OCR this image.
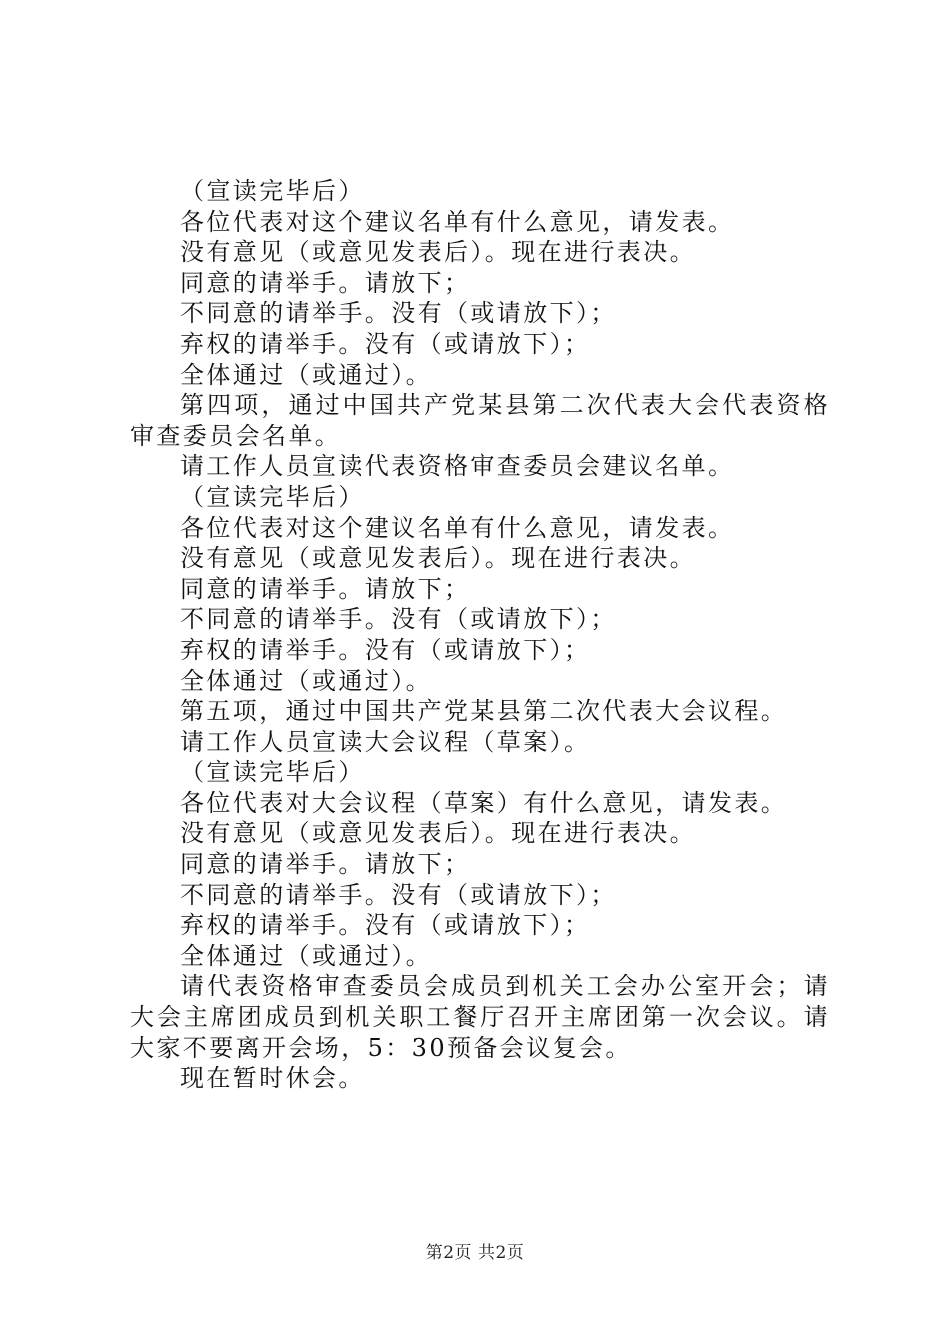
（宣读完毕后）

各位代表对这个建议名单有什么意见，请发表。

没有意见（或意见发表后）。现在进行表决。

同意的请举手。请放下；

不同意的请举手。没有（或请放下）；

弃权的请举手。没有（或请放下）；

全体通过（或通过）。

第四项，通过中国共产党某县第二次代表大会代表资格审查委员会名单。

请工作人员宣读代表资格审查委员会建议名单。

（宣读完毕后）

各位代表对这个建议名单有什么意见，请发表。

没有意见（或意见发表后）。现在进行表决。

同意的请举手。请放下；

不同意的请举手。没有（或请放下）；

弃权的请举手。没有（或请放下）；

全体通过（或通过）。

第五项，通过中国共产党某县第二次代表大会议程。

请工作人员宣读大会议程（草案）。

（宣读完毕后）

各位代表对大会议程（草案）有什么意见，请发表。

没有意见（或意见发表后）。现在进行表决。

同意的请举手。请放下；

不同意的请举手。没有（或请放下）；

弃权的请举手。没有（或请放下）；

全体通过（或通过）。

请代表资格审查委员会成员到机关工会办公室开会；请大会主席团成员到机关职工餐厅召开主席团第一次会议。请大家不要离开会场，5：30预备会议复会。

现在暂时休会。

第2页 共2页
